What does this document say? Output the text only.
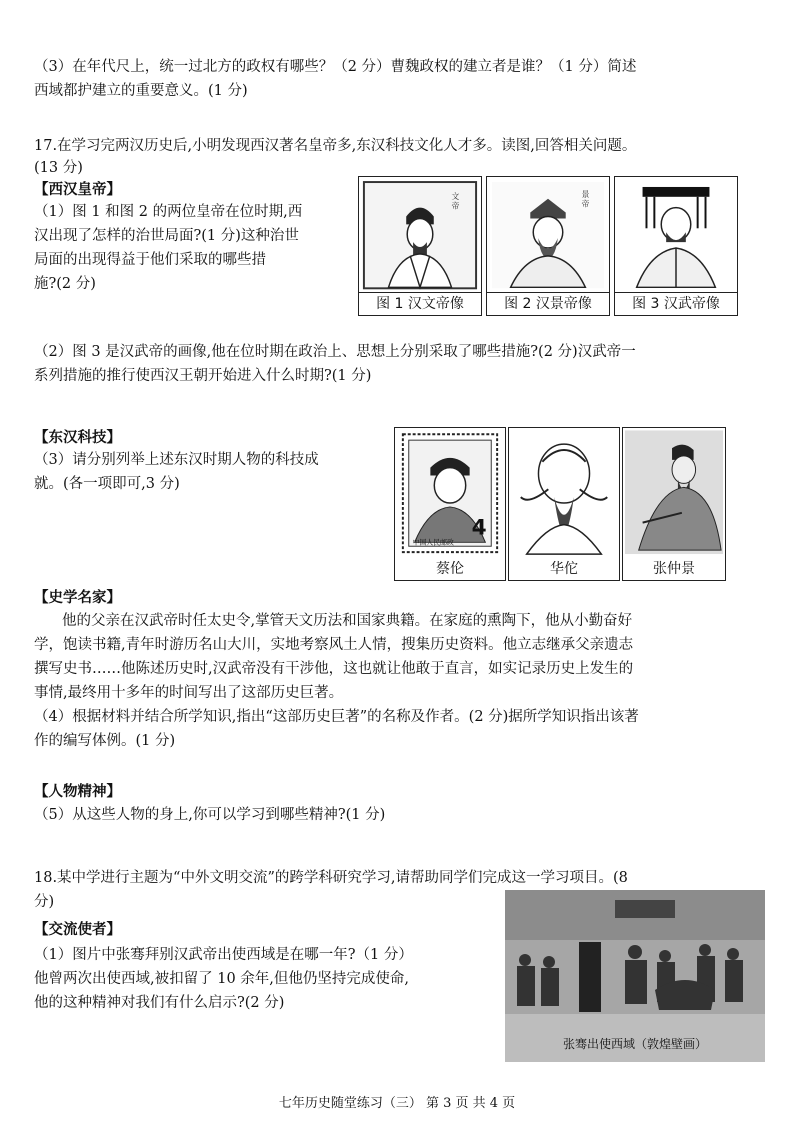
（3）在年代尺上，统一过北方的政权有哪些？（2 分）曹魏政权的建立者是谁？（1 分）简述
西域都护建立的重要意义。(1 分)
17.在学习完两汉历史后,小明发现西汉著名皇帝多,东汉科技文化人才多。读图,回答相关问题。
(13 分)
【西汉皇帝】
（1）图 1 和图 2 的两位皇帝在位时期,西
汉出现了怎样的治世局面?(1 分)这种治世
局面的出现得益于他们采取的哪些措
施?(2 分)
文
帝
图 1 汉文帝像
景
帝
图 2 汉景帝像	图 3 汉武帝像
（2）图 3 是汉武帝的画像,他在位时期在政治上、思想上分别采取了哪些措施?(2 分)汉武帝一
系列措施的推行使西汉王朝开始进入什么时期?(1 分)
【东汉科技】
（3）请分别列举上述东汉时期人物的科技成
就。(各一项即可,3 分)
4
中国人民邮政
蔡伦	华佗	张仲景
【史学名家】
他的父亲在汉武帝时任太史令,掌管天文历法和国家典籍。在家庭的熏陶下，他从小勤奋好
学，饱读书籍,青年时游历名山大川，实地考察风土人情，搜集历史资料。他立志继承父亲遗志
撰写史书……他陈述历史时,汉武帝没有干涉他，这也就让他敢于直言，如实记录历史上发生的
事情,最终用十多年的时间写出了这部历史巨著。
（4）根据材料并结合所学知识,指出“这部历史巨著”的名称及作者。(2 分)据所学知识指出该著
作的编写体例。(1 分)
【人物精神】
（5）从这些人物的身上,你可以学习到哪些精神?(1 分)
18.某中学进行主题为“中外文明交流”的跨学科研究学习,请帮助同学们完成这一学习项目。(8
分)
【交流使者】
（1）图片中张骞拜别汉武帝出使西域是在哪一年?（1 分）
他曾两次出使西域,被扣留了 10 余年,但他仍坚持完成使命,
他的这种精神对我们有什么启示?(2 分)
张骞出使西域（敦煌壁画）
七年历史随堂练习（三） 第 3 页 共 4 页
